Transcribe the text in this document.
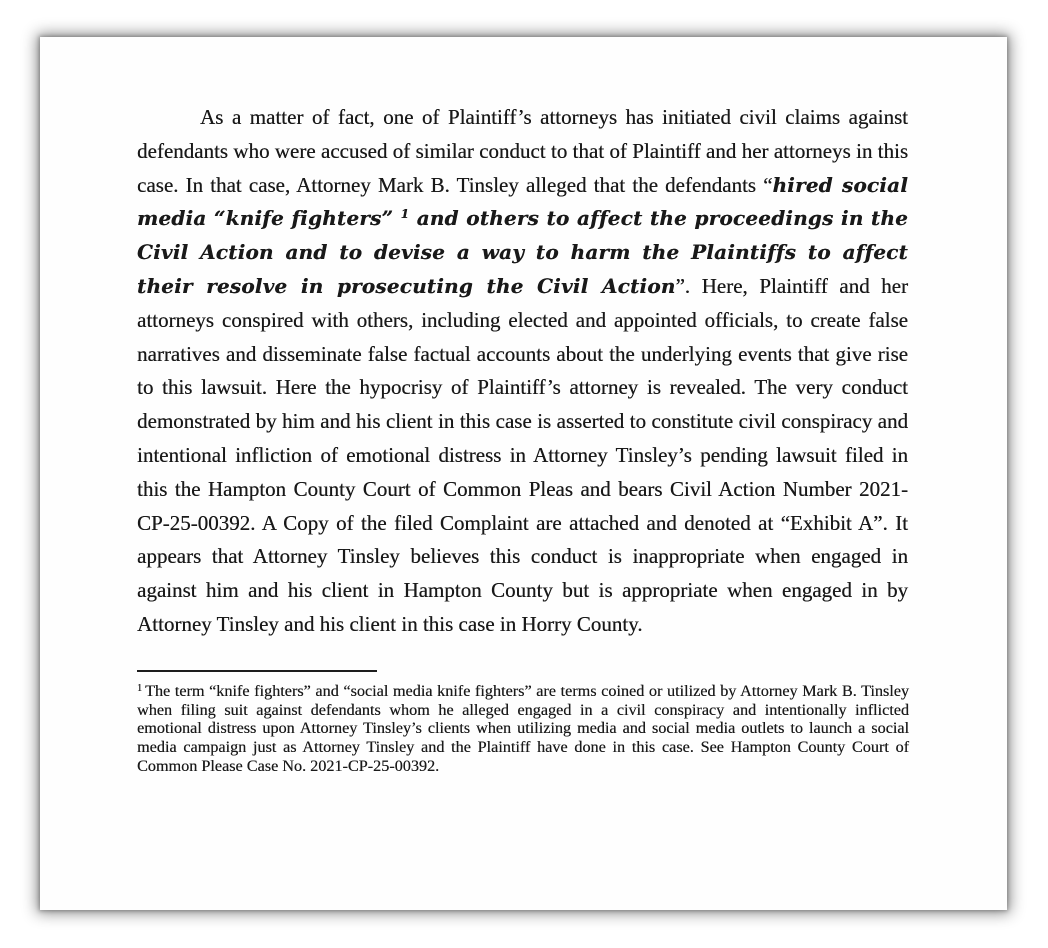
As a matter of fact, one of Plaintiff’s attorneys has initiated civil claims against defendants who were accused of similar conduct to that of Plaintiff and her attorneys in this case. In that case, Attorney Mark B. Tinsley alleged that the defendants “hired social media “knife fighters” $^1$ and others to affect the proceedings in the Civil Action and to devise a way to harm the Plaintiffs to affect their resolve in prosecuting the Civil Action”. Here, Plaintiff and her attorneys conspired with others, including elected and appointed officials, to create false narratives and disseminate false factual accounts about the underlying events that give rise to this lawsuit. Here the hypocrisy of Plaintiff’s attorney is revealed. The very conduct demonstrated by him and his client in this case is asserted to constitute civil conspiracy and intentional infliction of emotional distress in Attorney Tinsley’s pending lawsuit filed in this the Hampton County Court of Common Pleas and bears Civil Action Number 2021-CP-25-00392. A Copy of the filed Complaint are attached and denoted at “Exhibit A”. It appears that Attorney Tinsley believes this conduct is inappropriate when engaged in against him and his client in Hampton County but is appropriate when engaged in by Attorney Tinsley and his client in this case in Horry County.

$^1$ The term “knife fighters” and “social media knife fighters” are terms coined or utilized by Attorney Mark B. Tinsley when filing suit against defendants whom he alleged engaged in a civil conspiracy and intentionally inflicted emotional distress upon Attorney Tinsley’s clients when utilizing media and social media outlets to launch a social media campaign just as Attorney Tinsley and the Plaintiff have done in this case. See Hampton County Court of Common Please Case No. 2021-CP-25-00392.
